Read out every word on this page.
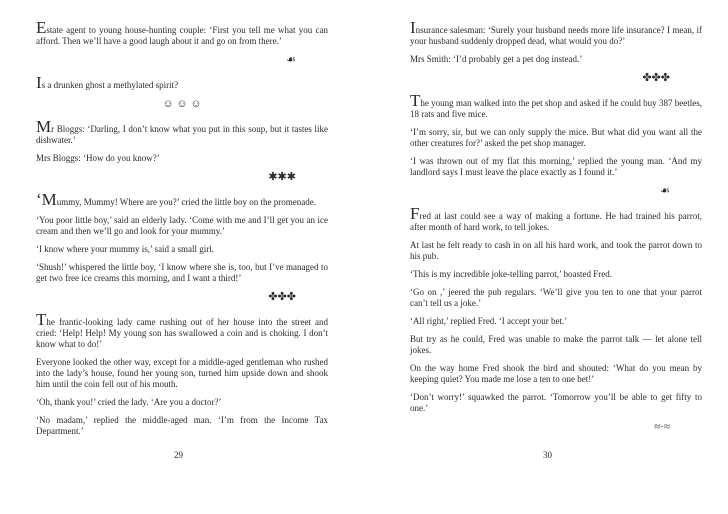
Estate agent to young house-hunting couple: ‘First you tell me what you can afford. Then we’ll have a good laugh about it and go on from there.’

☙

Is a drunken ghost a methylated spirit?

☺ ☺ ☺

Mr Bloggs: ‘Darling, I don’t know what you put in this soup, but it tastes like dishwater.’

Mrs Bloggs: ‘How do you know?’

✱✱✱

‘Mummy, Mummy! Where are you?’ cried the little boy on the promenade.

‘You poor little boy,’ said an elderly lady. ‘Come with me and I’ll get you an ice cream and then we’ll go and look for your mummy.’

‘I know where your mummy is,’ said a small girl.

‘Shush!’ whispered the little boy, ‘I know where she is, too, but I’ve managed to get two free ice creams this morning, and I want a third!’

✤✤✤

The frantic-looking lady came rushing out of her house into the street and cried: ‘Help! Help! My young son has swallowed a coin and is choking. I don’t know what to do!’

Everyone looked the other way, except for a middle-aged gentleman who rushed into the lady’s house, found her young son, turned him upside down and shook him until the coin fell out of his mouth.

‘Oh, thank you!’ cried the lady. ‘Are you a doctor?’

‘No madam,’ replied the middle-aged man. ‘I’m from the Income Tax Department.’

Insurance salesman: ‘Surely your husband needs more life insurance? I mean, if your husband suddenly dropped dead, what would you do?’

Mrs Smith: ‘I’d probably get a pet dog instead.’

✤✤✤

The young man walked into the pet shop and asked if he could buy 387 beetles, 18 rats and five mice.

‘I’m sorry, sir, but we can only supply the mice. But what did you want all the other creatures for?’ asked the pet shop manager.

‘I was thrown out of my flat this morning,’ replied the young man. ‘And my landlord says I must leave the place exactly as I found it.’

☙

Fred at last could see a way of making a fortune. He had trained his parrot, after month of hard work, to tell jokes.

At last he felt ready to cash in on all his hard work, and took the parrot down to his pub.

‘This is my incredible joke-telling parrot,’ boasted Fred.

‘Go on ,’ jeered the pub regulars. ‘We’ll give you ten to one that your parrot can’t tell us a joke.’

‘All right,’ replied Fred. ‘I accept your bet.’

But try as he could, Fred was unable to make the parrot talk — let alone tell jokes.

On the way home Fred shook the bird and shouted: ‘What do you mean by keeping quiet? You made me lose a ten to one bet!’

‘Don’t worry!’ squawked the parrot. ‘Tomorrow you’ll be able to get fifty to one.’

≈·≈
29	30
